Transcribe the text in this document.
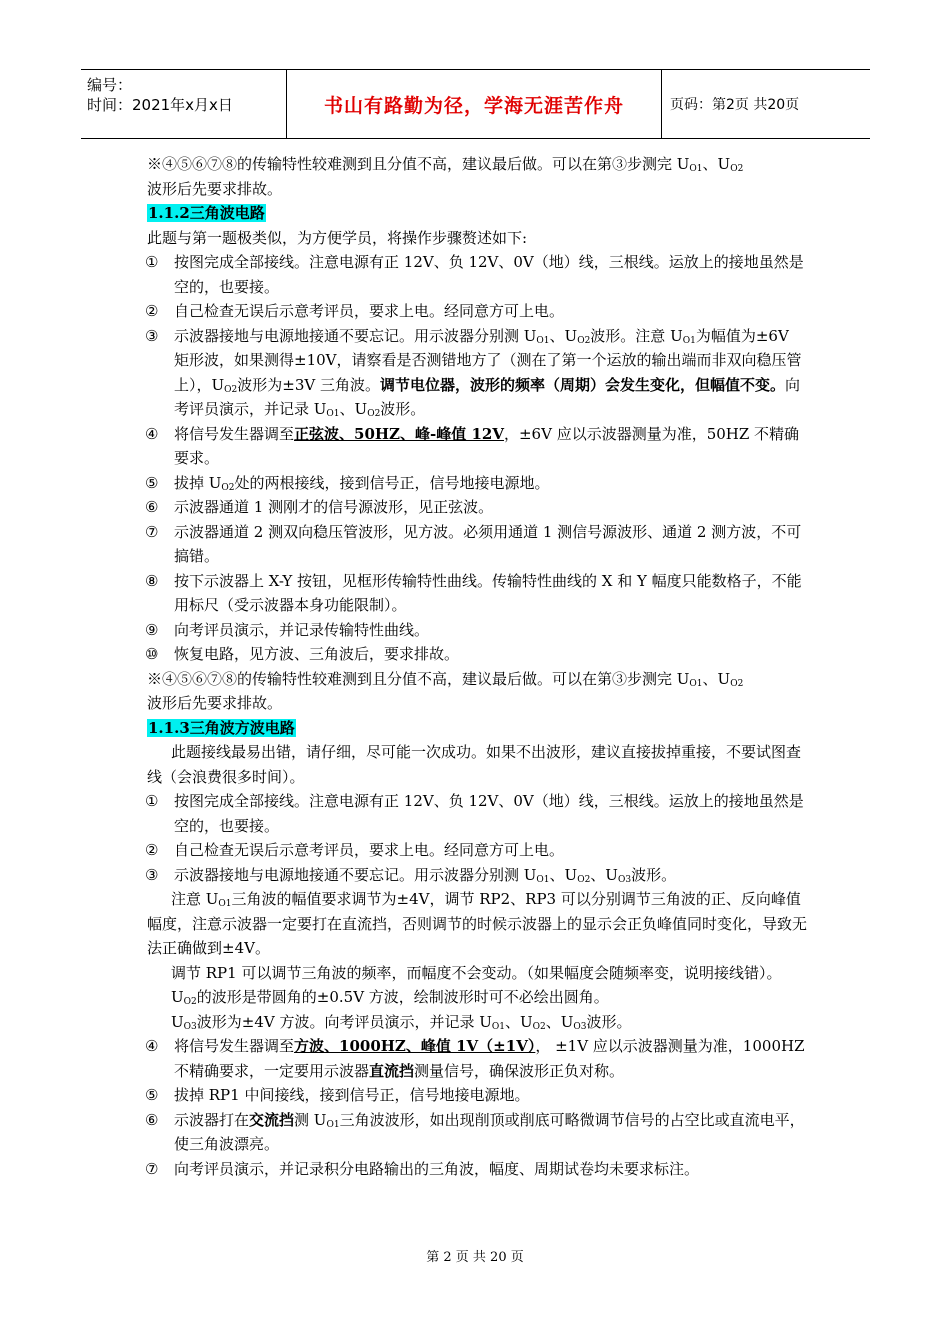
编号：
时间：2021年x月x日	书山有路勤为径，学海无涯苦作舟	页码：第2页 共20页

※④⑤⑥⑦⑧的传输特性较难测到且分值不高，建议最后做。可以在第③步测完 $U_{O1}$、$U_{O2}$
波形后先要求排故。

1.1.2三角波电路

此题与第一题极类似，为方便学员，将操作步骤赘述如下:

① 按图完成全部接线。注意电源有正 12V、负 12V、0V（地）线，三根线。运放上的接地虽然是空的，也要接。

② 自己检查无误后示意考评员，要求上电。经同意方可上电。

③ 示波器接地与电源地接通不要忘记。用示波器分别测 $U_{O1}$、$U_{O2}$波形。注意 $U_{O1}$为幅值为±6V 矩形波，如果测得±10V，请察看是否测错地方了（测在了第一个运放的输出端而非双向稳压管上），$U_{O2}$波形为±3V 三角波。调节电位器，波形的频率（周期）会发生变化，但幅值不变。向考评员演示，并记录 $U_{O1}$、$U_{O2}$波形。

④ 将信号发生器调至正弦波、50HZ、峰-峰值 12V，±6V 应以示波器测量为准，50HZ 不精确要求。

⑤ 拔掉 $U_{O2}$处的两根接线，接到信号正，信号地接电源地。

⑥ 示波器通道 1 测刚才的信号源波形，见正弦波。

⑦ 示波器通道 2 测双向稳压管波形，见方波。必须用通道 1 测信号源波形、通道 2 测方波，不可搞错。

⑧ 按下示波器上 X-Y 按钮，见框形传输特性曲线。传输特性曲线的 X 和 Y 幅度只能数格子，不能用标尺（受示波器本身功能限制）。

⑨ 向考评员演示，并记录传输特性曲线。

⑩ 恢复电路，见方波、三角波后，要求排故。

※④⑤⑥⑦⑧的传输特性较难测到且分值不高，建议最后做。可以在第③步测完 $U_{O1}$、$U_{O2}$
波形后先要求排故。

1.1.3三角波方波电路

此题接线最易出错，请仔细，尽可能一次成功。如果不出波形，建议直接拔掉重接，不要试图查线（会浪费很多时间）。

① 按图完成全部接线。注意电源有正 12V、负 12V、0V（地）线，三根线。运放上的接地虽然是空的，也要接。

② 自己检查无误后示意考评员，要求上电。经同意方可上电。

③ 示波器接地与电源地接通不要忘记。用示波器分别测 $U_{O1}$、$U_{O2}$、$U_{O3}$波形。

注意 $U_{O1}$三角波的幅值要求调节为±4V，调节 RP2、RP3 可以分别调节三角波的正、反向峰值幅度，注意示波器一定要打在直流挡，否则调节的时候示波器上的显示会正负峰值同时变化，导致无法正确做到±4V。

调节 RP1 可以调节三角波的频率，而幅度不会变动。（如果幅度会随频率变，说明接线错）。

$U_{O2}$的波形是带圆角的±0.5V 方波，绘制波形时可不必绘出圆角。

$U_{O3}$波形为±4V 方波。向考评员演示，并记录 $U_{O1}$、$U_{O2}$、$U_{O3}$波形。

④ 将信号发生器调至方波、1000HZ、峰值 1V（±1V）， ±1V 应以示波器测量为准，1000HZ 不精确要求，一定要用示波器直流挡测量信号，确保波形正负对称。

⑤ 拔掉 RP1 中间接线，接到信号正，信号地接电源地。

⑥ 示波器打在交流挡测 $U_{O1}$三角波波形，如出现削顶或削底可略微调节信号的占空比或直流电平，使三角波漂亮。

⑦ 向考评员演示，并记录积分电路输出的三角波，幅度、周期试卷均未要求标注。

第 2 页 共 20 页
